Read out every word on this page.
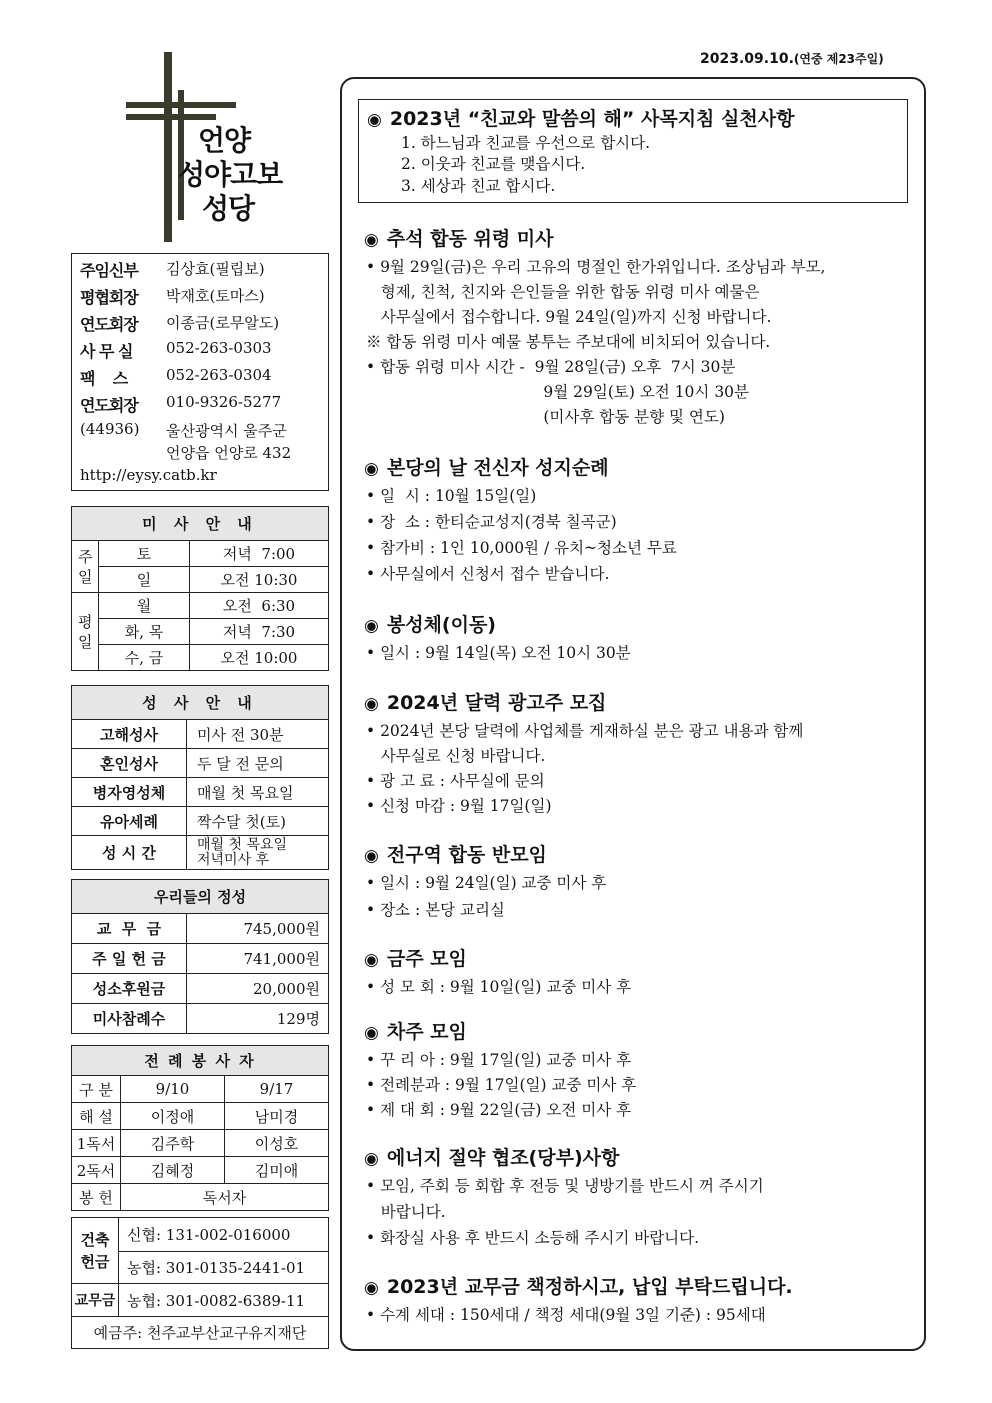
2023.09.10.(연중 제23주일)
언양
성야고보
성당
주임신부	김상효(필립보)
평협회장	박재호(토마스)
연도회장	이종금(로무알도)
사 무 실	052-263-0303
팩    스	052-263-0304
연도회장	010-9326-5277
(44936)	울산광역시 울주군
언양읍 언양로 432
http://eysy.catb.kr
미 사 안 내		
주일	토	저녁  7:00
	일	오전 10:30
평일	월	오전  6:30
	화, 목	저녁  7:30
	수, 금	오전 10:00
성 사 안 내	
고해성사	미사 전 30분
혼인성사	두 달 전 문의
병자영성체	매월 첫 목요일
유아세례	짝수달 첫(토)
성 시 간	매월 첫 목요일
저녁미사 후
우리들의 정성	
교  무  금	745,000원
주 일 헌 금	741,000원
성소후원금	20,000원
미사참례수	129명
전 례 봉 사 자		
구 분	9/10	9/17
해 설	이정애	남미경
1독서	김주학	이성호
2독서	김혜정	김미애
봉 헌	독서자	
건축헌금	신협: 131-002-016000
	농협: 301-0135-2441-01
교무금	농협: 301-0082-6389-11
예금주: 천주교부산교구유지재단	
◉ 2023년 “친교와 말씀의 해” 사목지침 실천사항
1. 하느님과 친교를 우선으로 합시다.
2. 이웃과 친교를 맺읍시다.
3. 세상과 친교 합시다.
◉ 추석 합동 위령 미사
• 9월 29일(금)은 우리 고유의 명절인 한가위입니다. 조상님과 부모,
형제, 친척, 친지와 은인들을 위한 합동 위령 미사 예물은
사무실에서 접수합니다. 9월 24일(일)까지 신청 바랍니다.
※ 합동 위령 미사 예물 봉투는 주보대에 비치되어 있습니다.
• 합동 위령 미사 시간 -  9월 28일(금) 오후  7시 30분
9월 29일(토) 오전 10시 30분
(미사후 합동 분향 및 연도)
◉ 본당의 날 전신자 성지순례
• 일  시 : 10월 15일(일)
• 장  소 : 한티순교성지(경북 칠곡군)
• 참가비 : 1인 10,000원 / 유치~청소년 무료
• 사무실에서 신청서 접수 받습니다.
◉ 봉성체(이동)
• 일시 : 9월 14일(목) 오전 10시 30분
◉ 2024년 달력 광고주 모집
• 2024년 본당 달력에 사업체를 게재하실 분은 광고 내용과 함께
사무실로 신청 바랍니다.
• 광 고 료 : 사무실에 문의
• 신청 마감 : 9월 17일(일)
◉ 전구역 합동 반모임
• 일시 : 9월 24일(일) 교중 미사 후
• 장소 : 본당 교리실
◉ 금주 모임
• 성 모 회 : 9월 10일(일) 교중 미사 후
◉ 차주 모임
• 꾸 리 아 : 9월 17일(일) 교중 미사 후
• 전례분과 : 9월 17일(일) 교중 미사 후
• 제 대 회 : 9월 22일(금) 오전 미사 후
◉ 에너지 절약 협조(당부)사항
• 모임, 주회 등 회합 후 전등 및 냉방기를 반드시 꺼 주시기
바랍니다.
• 화장실 사용 후 반드시 소등해 주시기 바랍니다.
◉ 2023년 교무금 책정하시고, 납입 부탁드립니다.
• 수계 세대 : 150세대 / 책정 세대(9월 3일 기준) : 95세대
